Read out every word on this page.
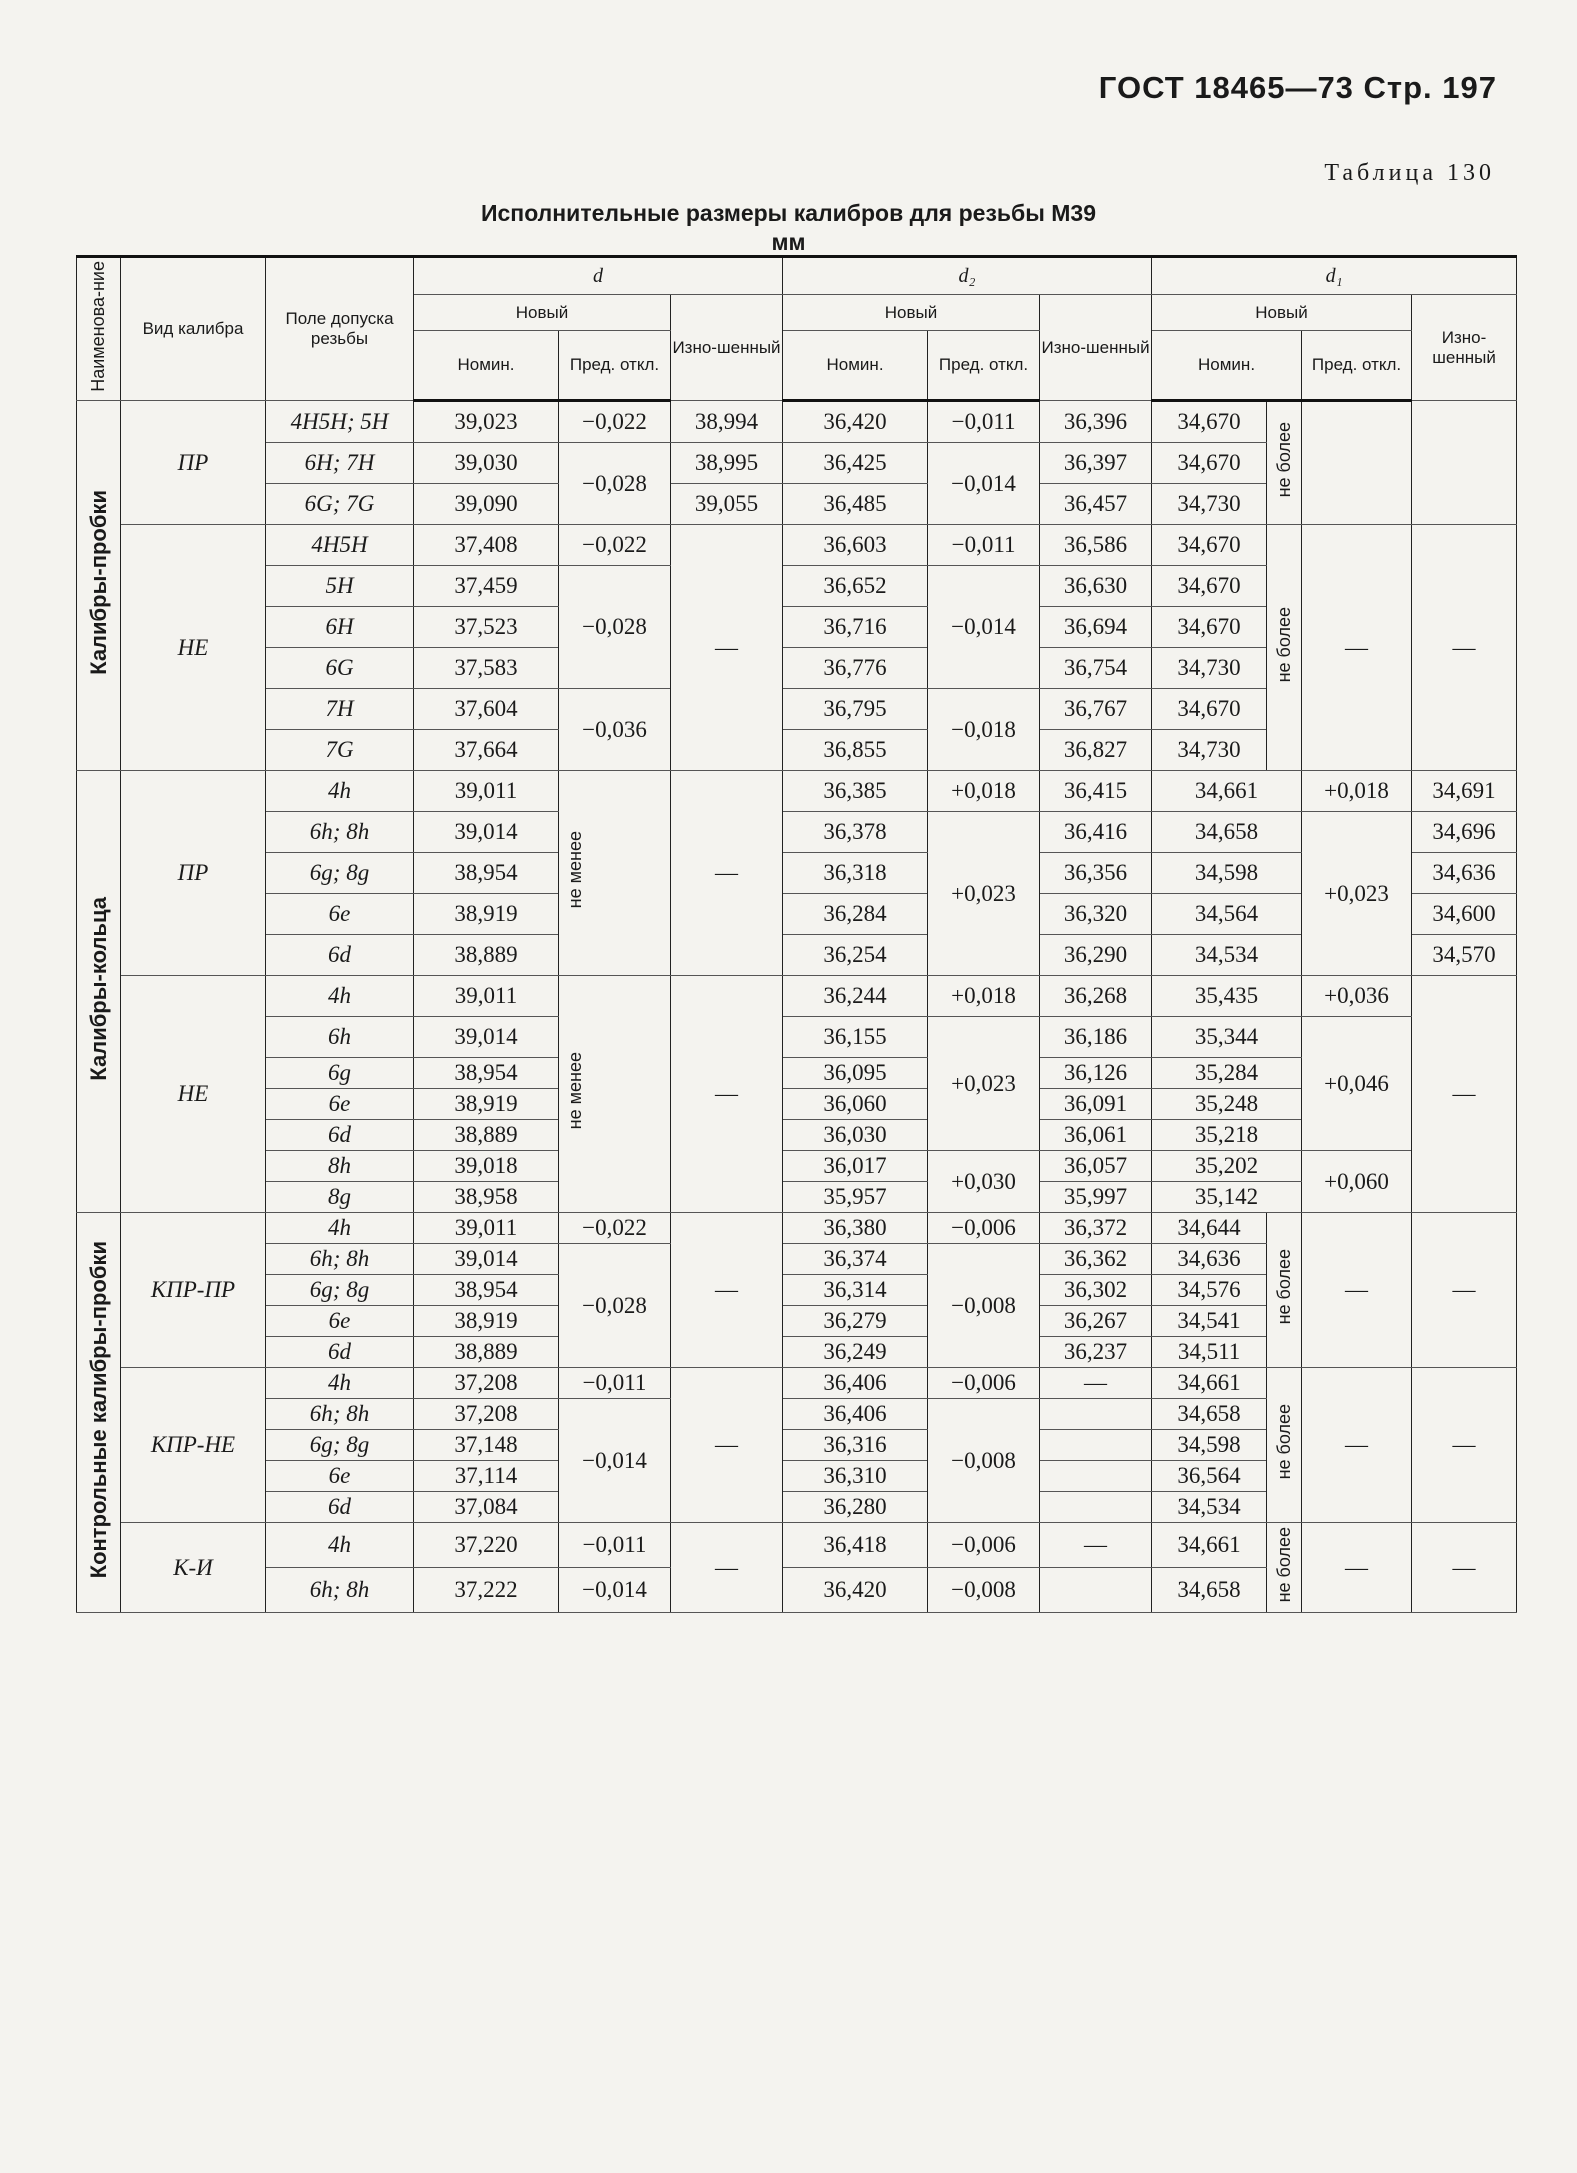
ГОСТ 18465—73 Стр. 197
Таблица 130
Исполнительные размеры калибров для резьбы М39
мм
Наименова-ние	Вид калибра	Поле допуска резьбы	d			d₂			d₁			
			Новый		Изно-шенный	Новый		Изно-шенный	Новый			Изно-шенный
			Номин.	Пред. откл.		Номин.	Пред. откл.		Номин.		Пред. откл.	
Калибры-пробки	ПР	4H5H; 5H	39,023	−0,022	38,994	36,420	−0,011	36,396	34,670	не более		
		6H; 7H	39,030	−0,028	38,995	36,425	−0,014	36,397	34,670			
		6G; 7G	39,090		39,055	36,485		36,457	34,730			
	НЕ	4H5H	37,408	−0,022	—	36,603	−0,011	36,586	34,670	не более	—	—
		5H	37,459	−0,028		36,652	−0,014	36,630	34,670			
		6H	37,523			36,716		36,694	34,670			
		6G	37,583			36,776		36,754	34,730			
		7H	37,604	−0,036		36,795	−0,018	36,767	34,670			
		7G	37,664			36,855		36,827	34,730			
Калибры-кольца	ПР	4h	39,011	не менее	—	36,385	+0,018	36,415	34,661		+0,018	34,691
		6h; 8h	39,014			36,378	+0,023	36,416	34,658		+0,023	34,696
		6g; 8g	38,954			36,318		36,356	34,598			34,636
		6e	38,919			36,284		36,320	34,564			34,600
		6d	38,889			36,254		36,290	34,534			34,570
	НЕ	4h	39,011	не менее	—	36,244	+0,018	36,268	35,435		+0,036	—
		6h	39,014			36,155	+0,023	36,186	35,344		+0,046	
		6g	38,954			36,095		36,126	35,284			
		6e	38,919			36,060		36,091	35,248			
		6d	38,889			36,030		36,061	35,218			
		8h	39,018			36,017	+0,030	36,057	35,202		+0,060	
		8g	38,958			35,957		35,997	35,142			
Контрольные калибры-пробки	КПР-ПР	4h	39,011	−0,022	—	36,380	−0,006	36,372	34,644	не более	—	—
		6h; 8h	39,014	−0,028		36,374	−0,008	36,362	34,636			
		6g; 8g	38,954			36,314		36,302	34,576			
		6e	38,919			36,279		36,267	34,541			
		6d	38,889			36,249		36,237	34,511			
	КПР-НЕ	4h	37,208	−0,011	—	36,406	−0,006	—	34,661	не более	—	—
		6h; 8h	37,208	−0,014		36,406	−0,008		34,658			
		6g; 8g	37,148			36,316			34,598			
		6e	37,114			36,310			36,564			
		6d	37,084			36,280			34,534			
	К-И	4h	37,220	−0,011	—	36,418	−0,006	—	34,661	не более	—	—
		6h; 8h	37,222	−0,014		36,420	−0,008		34,658			
